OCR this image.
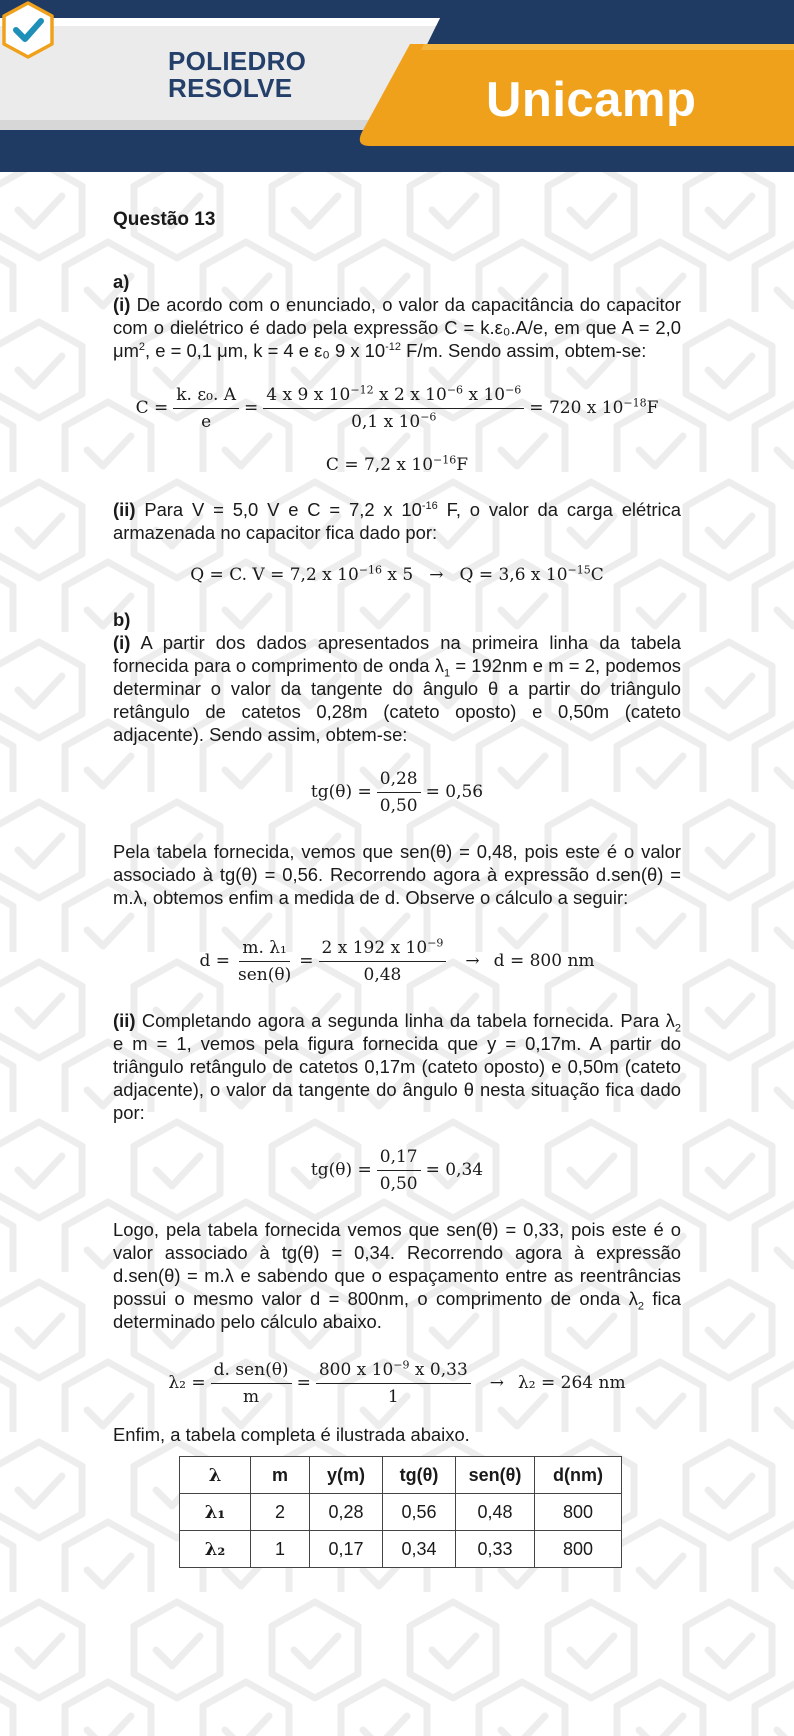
POLIEDRO
RESOLVE	Unicamp

Questão 13

a)

(i) De acordo com o enunciado, o valor da capacitância do capacitor com o dielétrico é dado pela expressão C = k.ε₀.A/e, em que A = 2,0 $\mu m^2$, e = 0,1 μm, k = 4 e ε₀ 9 x $10^{-12}$ F/m. Sendo assim, obtem-se:

$C = \frac{\text{k. ε₀. A}}{e} = \frac{4 x 9 x 10^{-12} x 2 x 10^{-6} x 10^{-6}}{0,1 x 10^{-6}} = 720$ x $10^{-18}F$
C = 7,2 x $10^{-16}F$

(ii) Para V = 5,0 V e C = 7,2 x $10^{-16}$ F, o valor da carga elétrica armazenada no capacitor fica dado por:

Q = C. V = 7,2 x $10^{-16}$ x 5 → Q = 3,6 x $10^{-15}C$

b)

(i) A partir dos dados apresentados na primeira linha da tabela fornecida para o comprimento de onda $\lambda_1 = 192nm$ e m = 2, podemos determinar o valor da tangente do ângulo θ a partir do triângulo retângulo de catetos 0,28m (cateto oposto) e 0,50m (cateto adjacente). Sendo assim, obtem-se:

$tg(\theta) = \frac{0,28}{0,50} = 0,56$

Pela tabela fornecida, vemos que sen(θ) = 0,48, pois este é o valor associado à tg(θ) = 0,56. Recorrendo agora à expressão d.sen(θ) = m.λ, obtemos enfim a medida de d. Observe o cálculo a seguir:

$d = \frac{\text{m. λ₁}}{\text{sen(θ)}} = \frac{2 x 192 x 10^{-9}}{0,48} \to d = 800$ nm

(ii) Completando agora a segunda linha da tabela fornecida. Para $\lambda_2$ e m = 1, vemos pela figura fornecida que y = 0,17m. A partir do triângulo retângulo de catetos 0,17m (cateto oposto) e 0,50m (cateto adjacente), o valor da tangente do ângulo θ nesta situação fica dado por:

$tg(\theta) = \frac{0,17}{0,50} = 0,34$

Logo, pela tabela fornecida vemos que sen(θ) = 0,33, pois este é o valor associado à tg(θ) = 0,34. Recorrendo agora à expressão d.sen(θ) = m.λ e sabendo que o espaçamento entre as reentrâncias possui o mesmo valor d = 800nm, o comprimento de onda $\lambda_2$ fica determinado pelo cálculo abaixo.

$\lambda_2 = \frac{\text{d. sen(θ)}}{m} = \frac{800 x 10^{-9} x 0,33}{1} \to \lambda_2 = 264$ nm

Enfim, a tabela completa é ilustrada abaixo.

λ	m	y(m)	tg(θ)	sen(θ)	d(nm)
λ₁	2	0,28	0,56	0,48	800
λ₂	1	0,17	0,34	0,33	800
